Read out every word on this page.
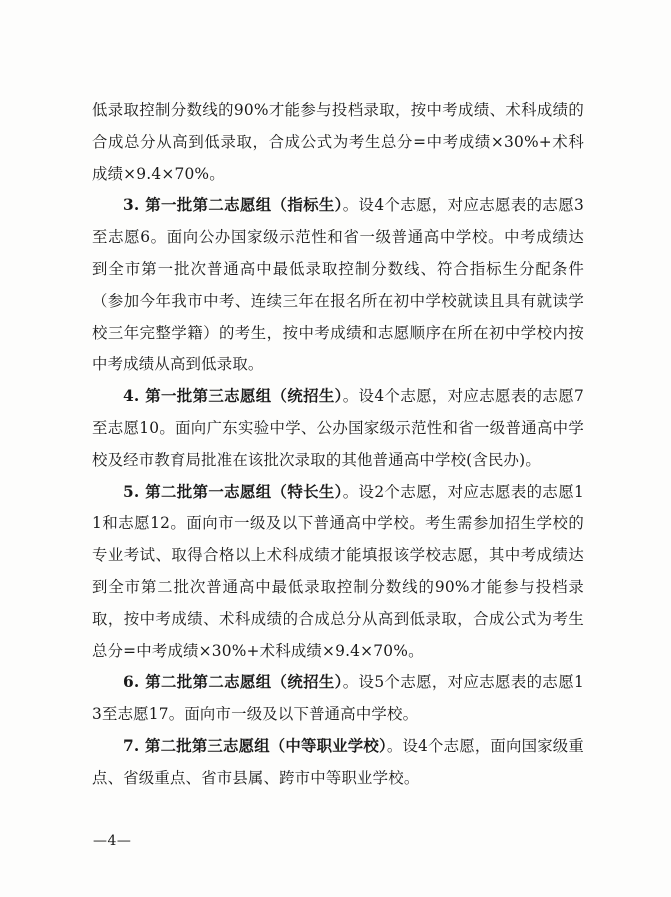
低录取控制分数线的90%才能参与投档录取，按中考成绩、术科成绩的合成总分从高到低录取，合成公式为考生总分=中考成绩×30%+术科成绩×9.4×70%。

3. 第一批第二志愿组（指标生）。设4个志愿，对应志愿表的志愿3至志愿6。面向公办国家级示范性和省一级普通高中学校。中考成绩达到全市第一批次普通高中最低录取控制分数线、符合指标生分配条件（参加今年我市中考、连续三年在报名所在初中学校就读且具有就读学校三年完整学籍）的考生，按中考成绩和志愿顺序在所在初中学校内按中考成绩从高到低录取。

4. 第一批第三志愿组（统招生）。设4个志愿，对应志愿表的志愿7至志愿10。面向广东实验中学、公办国家级示范性和省一级普通高中学校及经市教育局批准在该批次录取的其他普通高中学校(含民办)。

5. 第二批第一志愿组（特长生）。设2个志愿，对应志愿表的志愿11和志愿12。面向市一级及以下普通高中学校。考生需参加招生学校的专业考试、取得合格以上术科成绩才能填报该学校志愿，其中考成绩达到全市第二批次普通高中最低录取控制分数线的90%才能参与投档录取，按中考成绩、术科成绩的合成总分从高到低录取，合成公式为考生总分=中考成绩×30%+术科成绩×9.4×70%。

6. 第二批第二志愿组（统招生）。设5个志愿，对应志愿表的志愿13至志愿17。面向市一级及以下普通高中学校。

7. 第二批第三志愿组（中等职业学校）。设4个志愿，面向国家级重点、省级重点、省市县属、跨市中等职业学校。

—4—
